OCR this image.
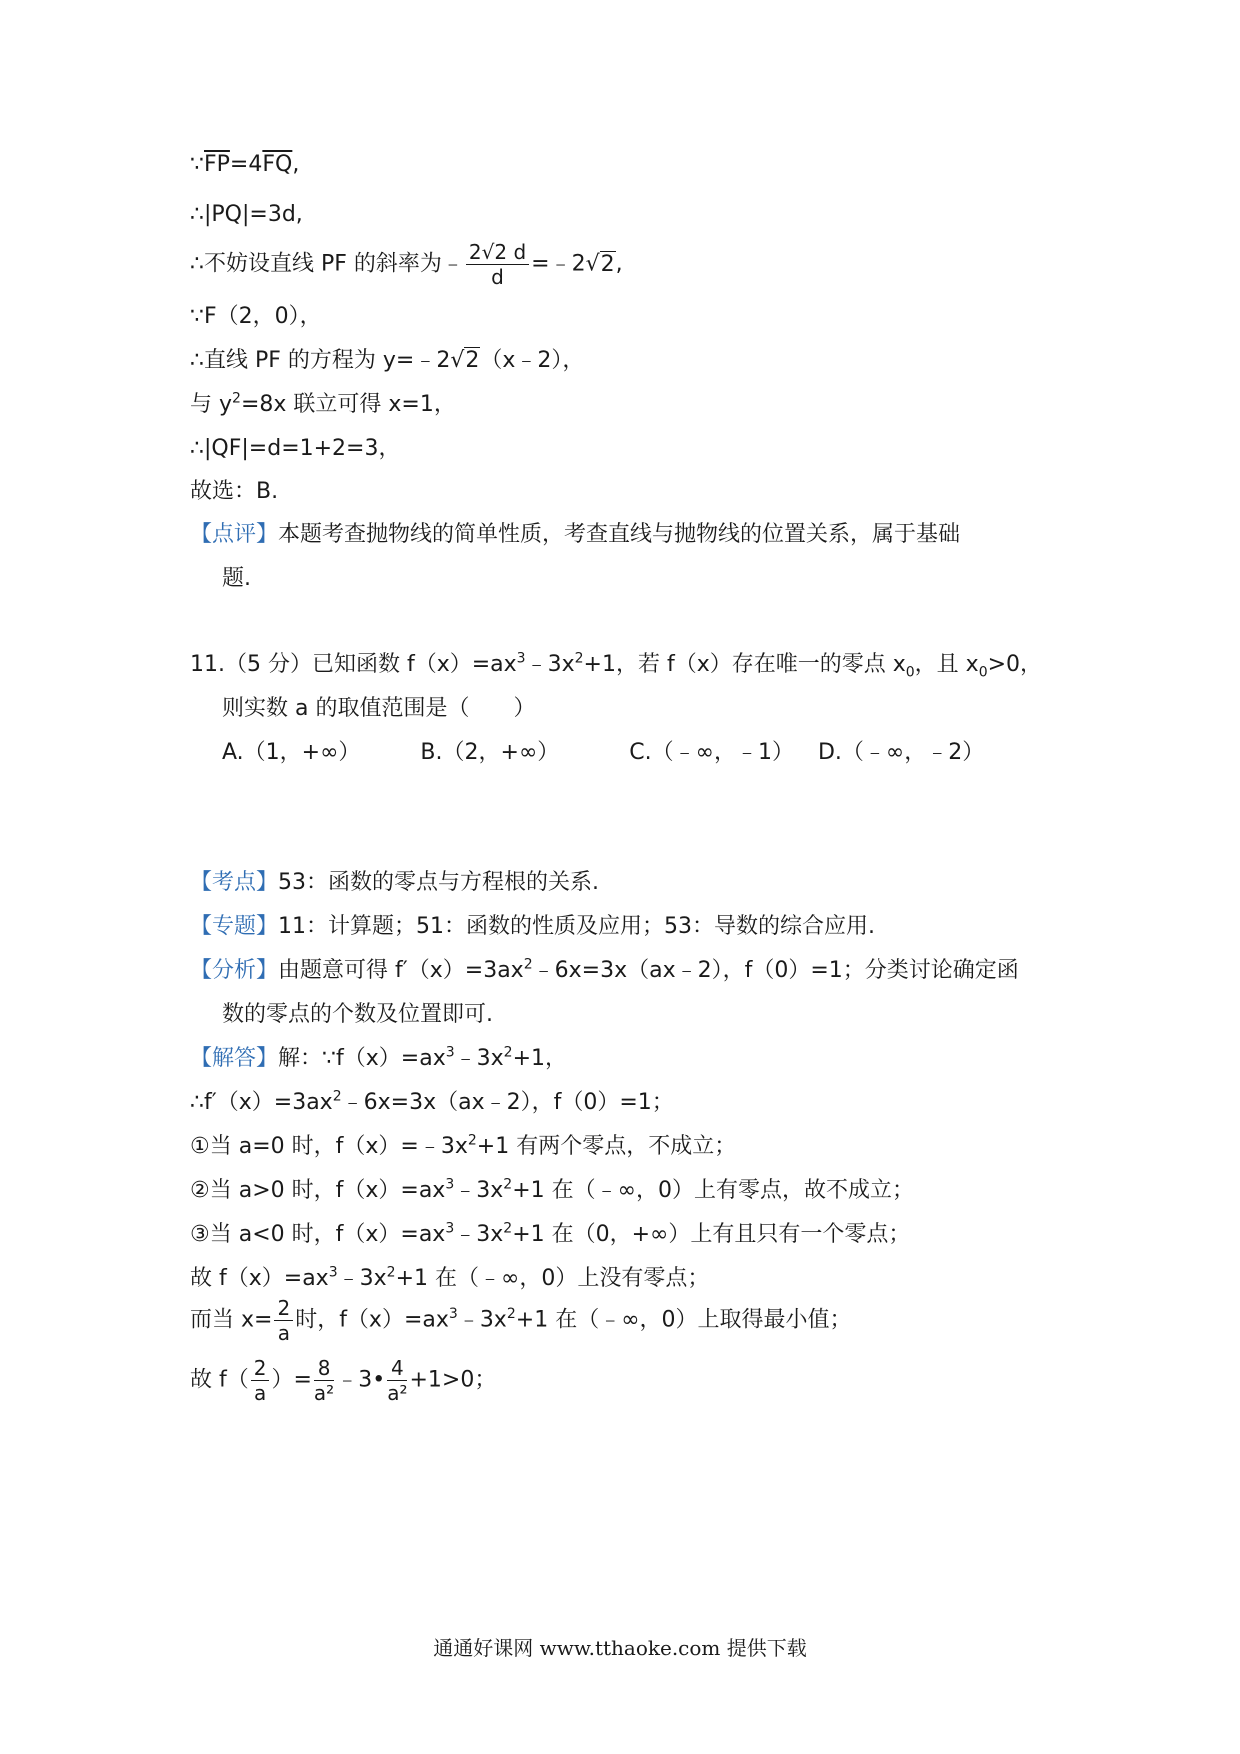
$\because\overline{FP}=4\overline{FQ}$,
∴|PQ|=3d,
∴不妨设直线 PF 的斜率为﹣ $\frac{2√2 d}{d}$ =﹣2√2,
∵F（2，0），
∴直线 PF 的方程为 y=﹣2√2（x﹣2），
与 $y^2=8x$ 联立可得 x=1，
∴|QF|=d=1+2=3，
故选：B.
【点评】本题考查抛物线的简单性质，考查直线与抛物线的位置关系，属于基础
题.
11.（5 分）已知函数 $f(x)=ax^3﹣3x^2+1$，若 f（x）存在唯一的零点 $x_0$，且 $x_0>0$，
则实数 a 的取值范围是（　　）
A.（1，+∞）	B.（2，+∞）	C.（﹣∞，﹣1） D.（﹣∞，﹣2）
【考点】53：函数的零点与方程根的关系.
【专题】11：计算题；51：函数的性质及应用；53：导数的综合应用.
【分析】由题意可得 $f'(x)=3ax^2﹣6x=3x(ax﹣2)$，f（0）=1；分类讨论确定函
数的零点的个数及位置即可.
【解答】解：$\because f(x)=ax^3﹣3x^2+1$，
$\therefore f'(x)=3ax^2﹣6x=3x(ax﹣2)$，f（0）=1；
①当 a=0 时，$f(x)=﹣3x^2+1$ 有两个零点，不成立；
②当 a>0 时，$f(x)=ax^3﹣3x^2+1$ 在（﹣∞，0）上有零点，故不成立；
③当 a<0 时，$f(x)=ax^3﹣3x^2+1$ 在（0，+∞）上有且只有一个零点；
故 $f(x)=ax^3﹣3x^2+1$ 在（﹣∞，0）上没有零点；
而当 $x= \frac{2}{a}$ 时，$f(x)=ax^3﹣3x^2+1$ 在（﹣∞，0）上取得最小值；
故 $f( \frac{2}{a}$ ）= $\frac{8}{\text{a²}}$ ﹣3• $\frac{4}{\text{a²}} +1>0$；
通通好课网 www.tthaoke.com 提供下载
